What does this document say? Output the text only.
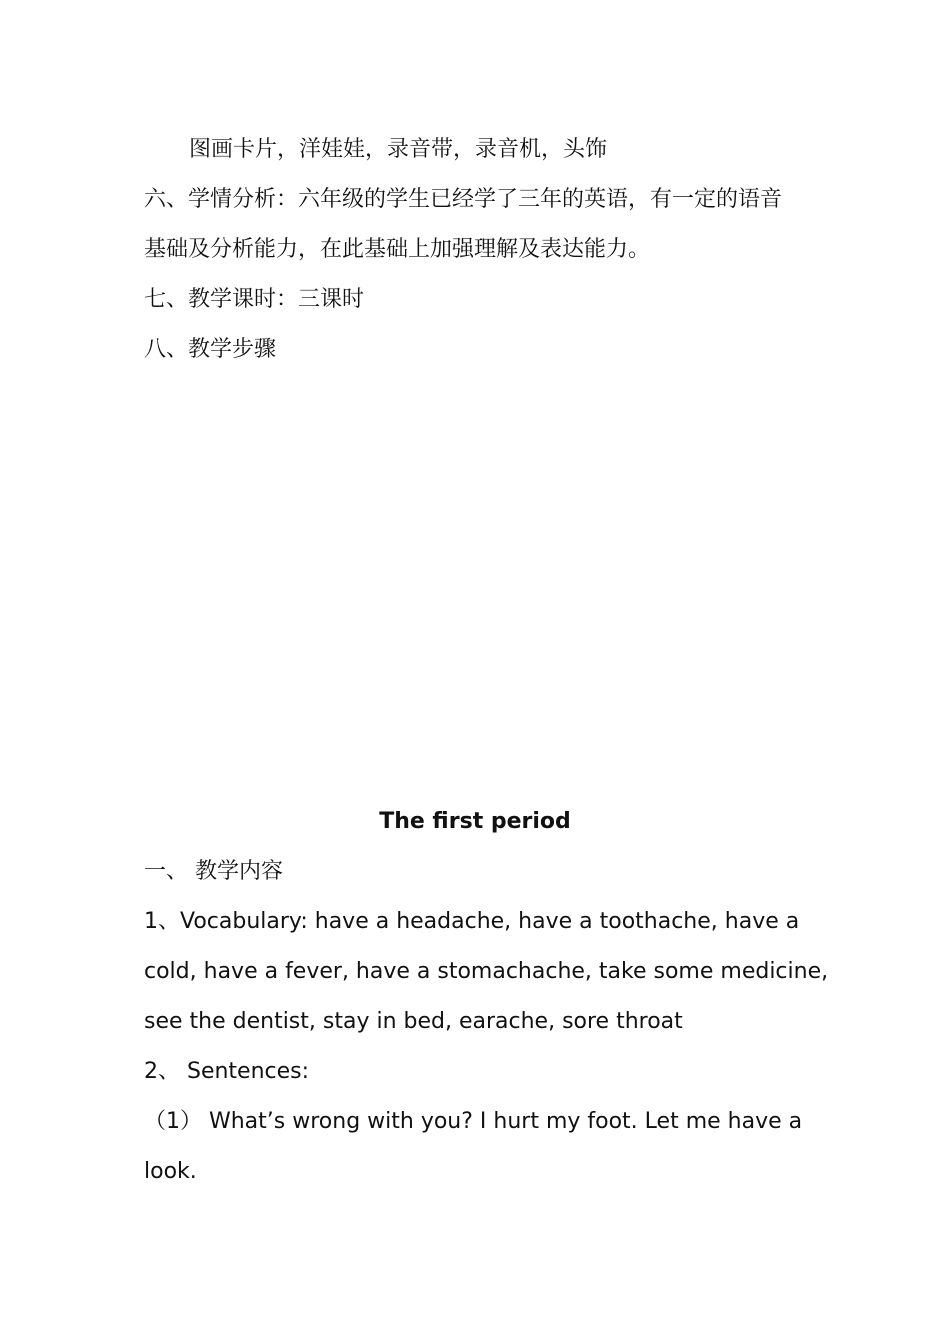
图画卡片，洋娃娃，录音带，录音机，头饰
六、学情分析：六年级的学生已经学了三年的英语，有一定的语音
基础及分析能力，在此基础上加强理解及表达能力。
七、教学课时：三课时
八、教学步骤
The first period
一、 教学内容
1、Vocabulary: have a headache, have a toothache, have a
cold, have a fever, have a stomachache, take some medicine,
see the dentist, stay in bed, earache, sore throat
2、 Sentences:
（1） What’s wrong with you? I hurt my foot. Let me have a
look.
